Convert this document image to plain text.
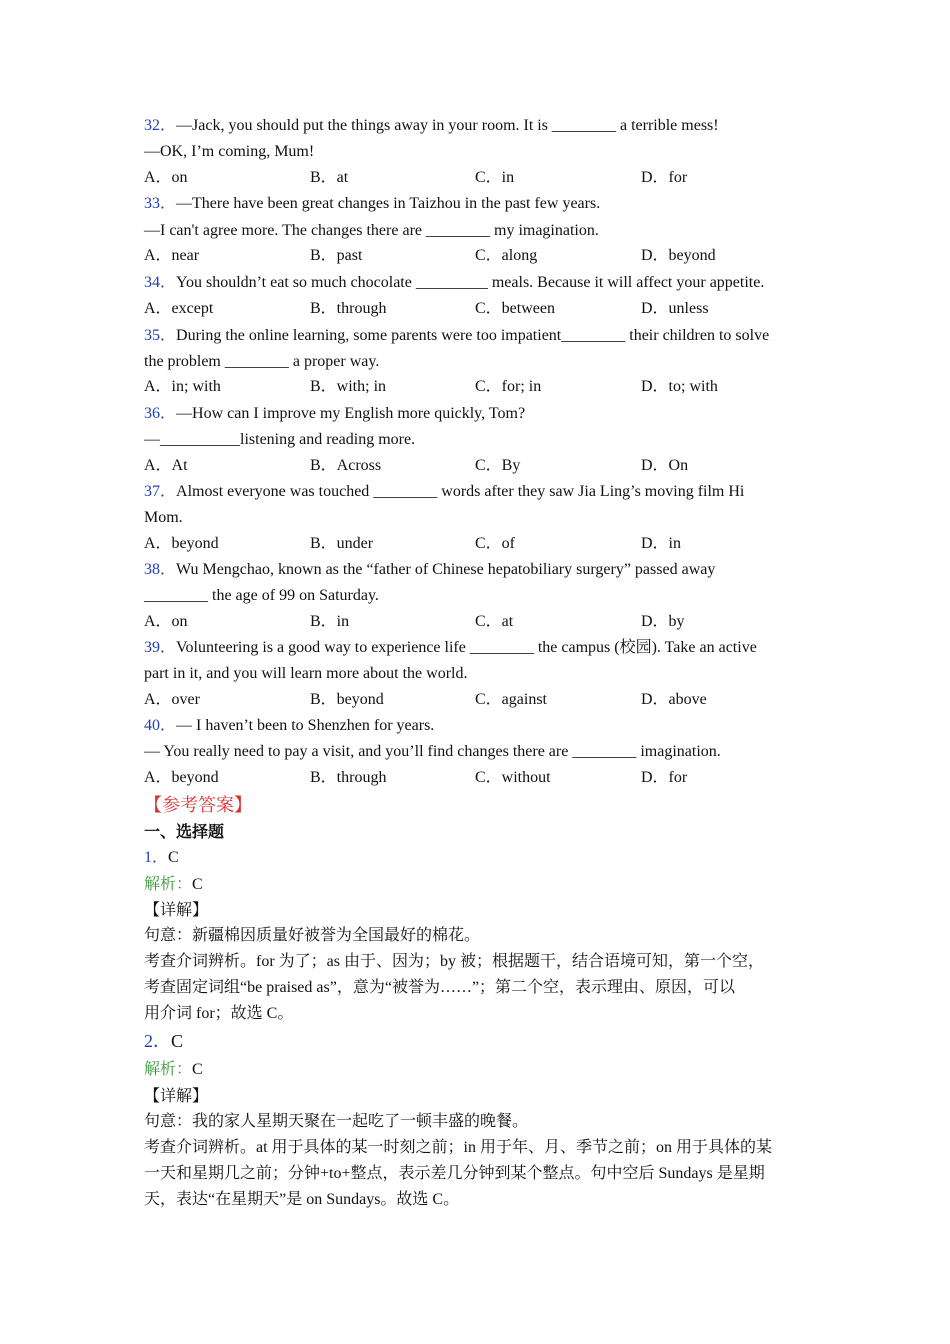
32．—Jack, you should put the things away in your room. It is ________ a terrible mess!
—OK, I’m coming, Mum!
A．on	B．at	C．in	D．for
33．—There have been great changes in Taizhou in the past few years.
—I can't agree more. The changes there are ________ my imagination.
A．near	B．past	C．along	D．beyond
34．You shouldn’t eat so much chocolate _________ meals. Because it will affect your appetite.
A．except	B．through	C．between	D．unless
35．During the online learning, some parents were too impatient________ their children to solve
the problem ________ a proper way.
A．in; with	B．with; in	C．for; in	D．to; with
36．—How can I improve my English more quickly, Tom?
—__________listening and reading more.
A．At	B．Across	C．By	D．On
37．Almost everyone was touched ________ words after they saw Jia Ling’s moving film Hi
Mom.
A．beyond	B．under	C．of	D．in
38．Wu Mengchao, known as the “father of Chinese hepatobiliary surgery” passed away
________ the age of 99 on Saturday.
A．on	B．in	C．at	D．by
39．Volunteering is a good way to experience life ________ the campus (校园). Take an active
part in it, and you will learn more about the world.
A．over	B．beyond	C．against	D．above
40．— I haven’t been to Shenzhen for years.
— You really need to pay a visit, and you’ll find changes there are ________ imagination.
A．beyond	B．through	C．without	D．for
【参考答案】
一、选择题
1．C
解析：C
【详解】
句意：新疆棉因质量好被誉为全国最好的棉花。
考查介词辨析。for 为了；as 由于、因为；by 被；根据题干，结合语境可知，第一个空，
考查固定词组“be praised as”，意为“被誉为……”；第二个空，表示理由、原因，可以
用介词 for；故选 C。
2．C
解析：C
【详解】
句意：我的家人星期天聚在一起吃了一顿丰盛的晚餐。
考查介词辨析。at 用于具体的某一时刻之前；in 用于年、月、季节之前；on 用于具体的某
一天和星期几之前；分钟+to+整点，表示差几分钟到某个整点。句中空后 Sundays 是星期
天，表达“在星期天”是 on Sundays。故选 C。
